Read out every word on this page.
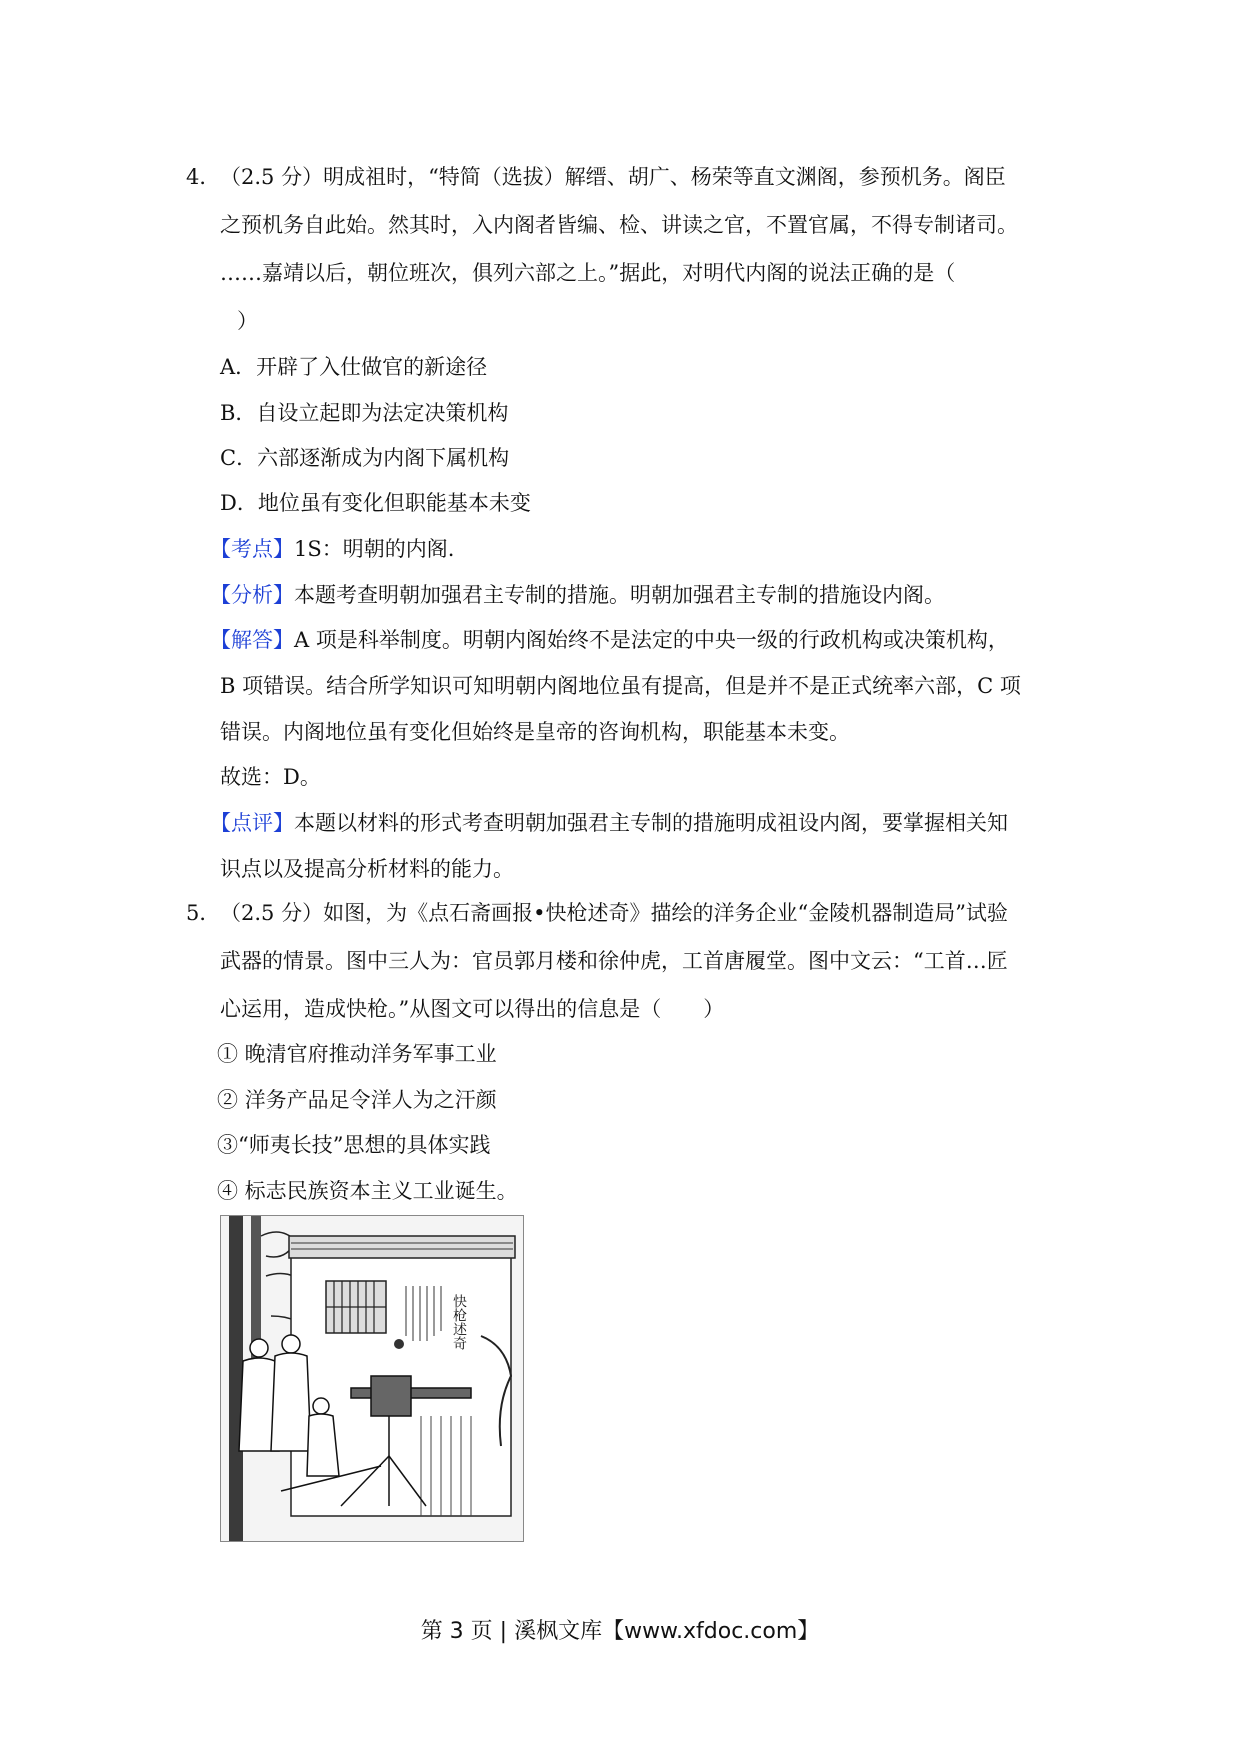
4． （2.5 分）明成祖时，“特简（选拔）解缙、胡广、杨荣等直文渊阁，参预机务。阁臣
之预机务自此始。然其时，入内阁者皆编、检、讲读之官，不置官属，不得专制诸司。
……嘉靖以后，朝位班次，俱列六部之上。”据此，对明代内阁的说法正确的是（
）
A．开辟了入仕做官的新途径
B．自设立起即为法定决策机构
C．六部逐渐成为内阁下属机构
D．地位虽有变化但职能基本未变
【考点】1S：明朝的内阁.
【分析】本题考查明朝加强君主专制的措施。明朝加强君主专制的措施设内阁。
【解答】A 项是科举制度。明朝内阁始终不是法定的中央一级的行政机构或决策机构，
B 项错误。结合所学知识可知明朝内阁地位虽有提高，但是并不是正式统率六部，C 项
错误。内阁地位虽有变化但始终是皇帝的咨询机构，职能基本未变。
故选：D。
【点评】本题以材料的形式考查明朝加强君主专制的措施明成祖设内阁，要掌握相关知
识点以及提高分析材料的能力。
5． （2.5 分）如图，为《点石斋画报•快枪述奇》描绘的洋务企业“金陵机器制造局”试验
武器的情景。图中三人为：官员郭月楼和徐仲虎，工首唐履堂。图中文云：“工首…匠
心运用，造成快枪。”从图文可以得出的信息是（　　）
① 晚清官府推动洋务军事工业
② 洋务产品足令洋人为之汗颜
③“师夷长技”思想的具体实践
④ 标志民族资本主义工业诞生。
快枪述奇
第 3 页 | 溪枫文库【www.xfdoc.com】
